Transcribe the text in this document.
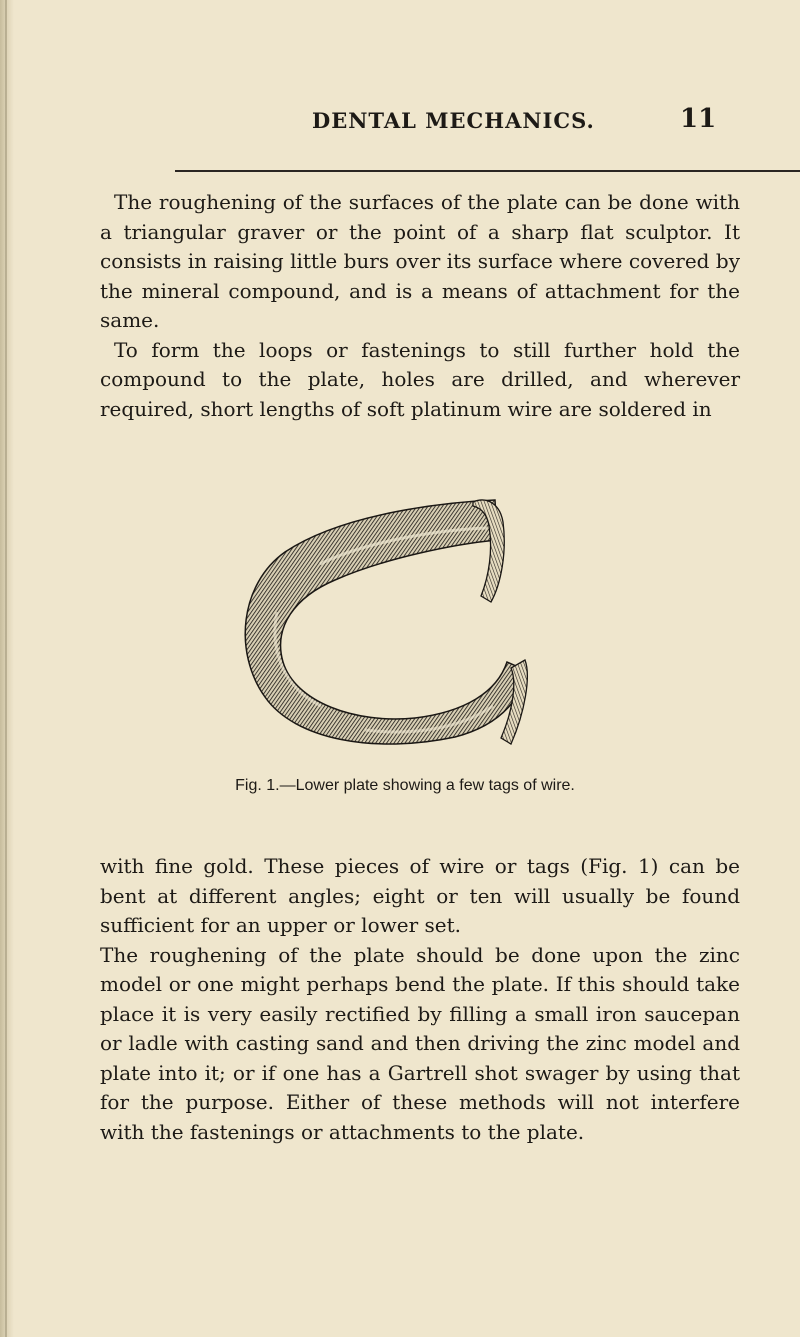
DENTAL MECHANICS.	11

The roughening of the surfaces of the plate can be done with a triangular graver or the point of a sharp flat sculptor. It consists in raising little burs over its surface where covered by the mineral compound, and is a means of attachment for the same.

To form the loops or fastenings to still further hold the compound to the plate, holes are drilled, and wherever required, short lengths of soft platinum wire are soldered in

Fig. 1.—Lower plate showing a few tags of wire.

with fine gold. These pieces of wire or tags (Fig. 1) can be bent at different angles; eight or ten will usually be found sufficient for an upper or lower set.

The roughening of the plate should be done upon the zinc model or one might perhaps bend the plate. If this should take place it is very easily rectified by filling a small iron saucepan or ladle with casting sand and then driving the zinc model and plate into it; or if one has a Gartrell shot swager by using that for the purpose. Either of these methods will not interfere with the fastenings or attachments to the plate.
